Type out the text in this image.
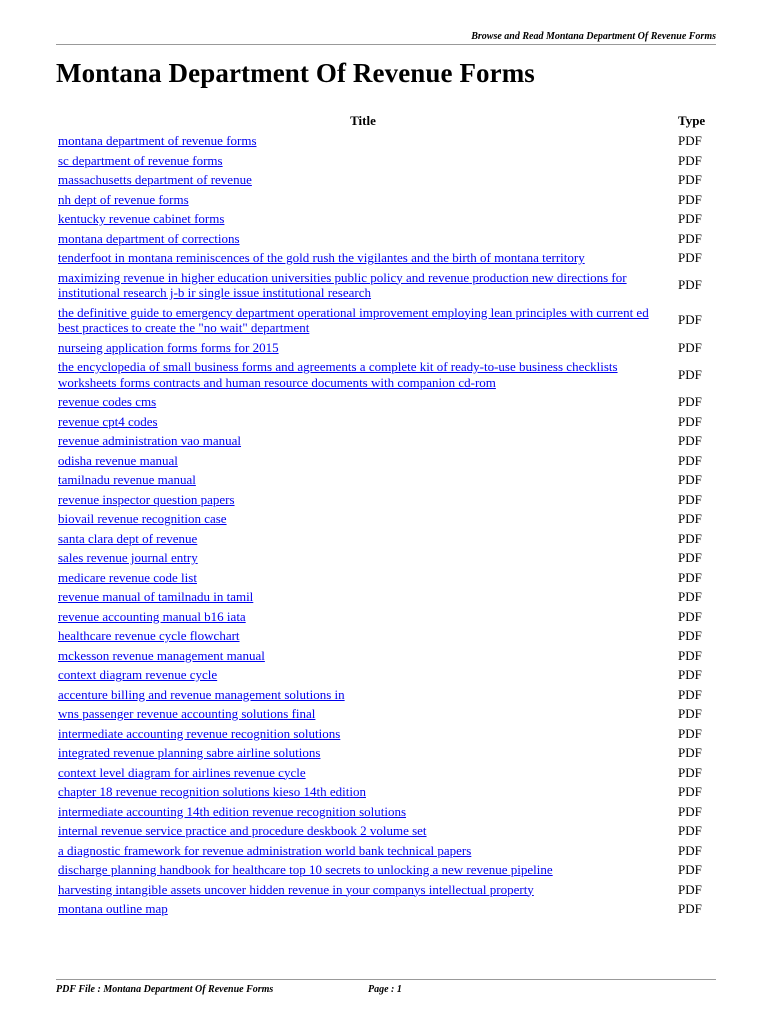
Browse and Read Montana Department Of Revenue Forms
Montana Department Of Revenue Forms
Title	Type
montana department of revenue forms	PDF
sc department of revenue forms	PDF
massachusetts department of revenue	PDF
nh dept of revenue forms	PDF
kentucky revenue cabinet forms	PDF
montana department of corrections	PDF
tenderfoot in montana reminiscences of the gold rush the vigilantes and the birth of montana territory	PDF
maximizing revenue in higher education universities public policy and revenue production new directions for institutional research j-b ir single issue institutional research	PDF
the definitive guide to emergency department operational improvement employing lean principles with current ed best practices to create the "no wait" department	PDF
nurseing application forms forms for 2015	PDF
the encyclopedia of small business forms and agreements a complete kit of ready-to-use business checklists worksheets forms contracts and human resource documents with companion cd-rom	PDF
revenue codes cms	PDF
revenue cpt4 codes	PDF
revenue administration vao manual	PDF
odisha revenue manual	PDF
tamilnadu revenue manual	PDF
revenue inspector question papers	PDF
biovail revenue recognition case	PDF
santa clara dept of revenue	PDF
sales revenue journal entry	PDF
medicare revenue code list	PDF
revenue manual of tamilnadu in tamil	PDF
revenue accounting manual b16 iata	PDF
healthcare revenue cycle flowchart	PDF
mckesson revenue management manual	PDF
context diagram revenue cycle	PDF
accenture billing and revenue management solutions in	PDF
wns passenger revenue accounting solutions final	PDF
intermediate accounting revenue recognition solutions	PDF
integrated revenue planning sabre airline solutions	PDF
context level diagram for airlines revenue cycle	PDF
chapter 18 revenue recognition solutions kieso 14th edition	PDF
intermediate accounting 14th edition revenue recognition solutions	PDF
internal revenue service practice and procedure deskbook 2 volume set	PDF
a diagnostic framework for revenue administration world bank technical papers	PDF
discharge planning handbook for healthcare top 10 secrets to unlocking a new revenue pipeline	PDF
harvesting intangible assets uncover hidden revenue in your companys intellectual property	PDF
montana outline map	PDF
PDF File : Montana Department Of Revenue Forms	Page : 1
